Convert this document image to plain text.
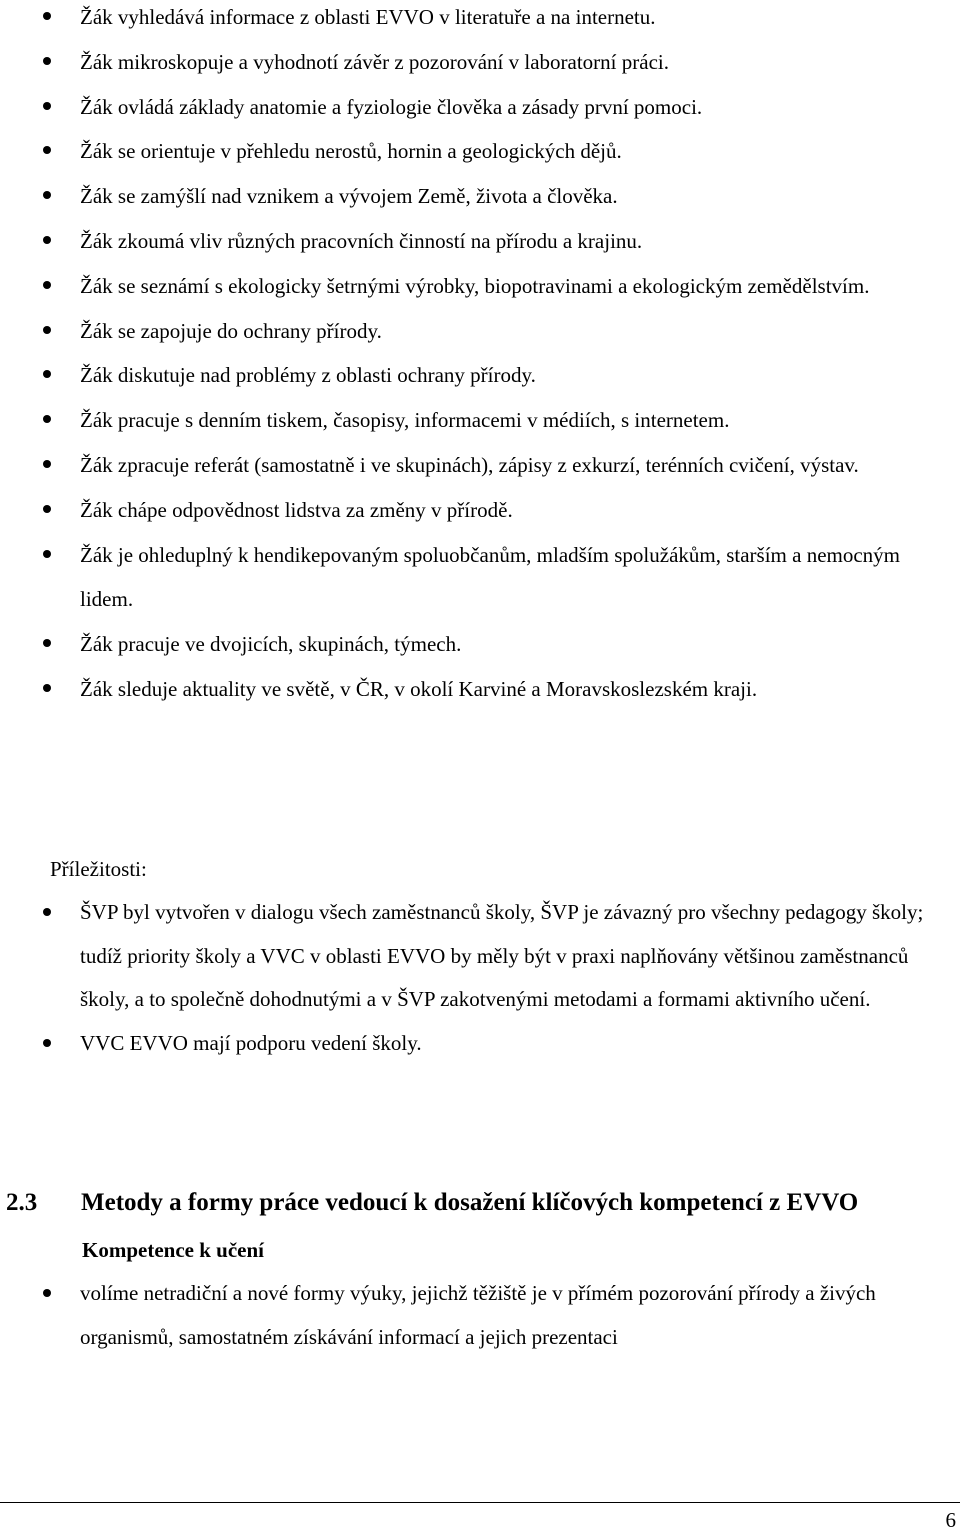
Žák vyhledává informace z oblasti EVVO v literatuře a na internetu.
Žák mikroskopuje a vyhodnotí závěr z pozorování v laboratorní práci.
Žák ovládá základy anatomie a fyziologie člověka a zásady první pomoci.
Žák se orientuje v přehledu nerostů, hornin a geologických dějů.
Žák se zamýšlí nad vznikem a vývojem Země, života a člověka.
Žák zkoumá vliv různých pracovních činností na přírodu a krajinu.
Žák se seznámí s ekologicky šetrnými výrobky, biopotravinami a ekologickým zemědělstvím.
Žák se zapojuje do ochrany přírody.
Žák diskutuje nad problémy z oblasti ochrany přírody.
Žák pracuje s denním tiskem, časopisy, informacemi v médiích, s internetem.
Žák zpracuje referát (samostatně i ve skupinách), zápisy z exkurzí, terénních cvičení, výstav.
Žák chápe odpovědnost lidstva za změny v přírodě.
Žák je ohleduplný k hendikepovaným spoluobčanům, mladším spolužákům, starším a nemocným lidem.
Žák pracuje ve dvojicích, skupinách, týmech.
Žák sleduje aktuality ve světě, v ČR, v okolí Karviné a Moravskoslezském kraji.
Příležitosti:
ŠVP byl vytvořen v dialogu všech zaměstnanců školy, ŠVP je závazný pro všechny pedagogy školy; tudíž priority školy a VVC v oblasti EVVO by měly být v praxi naplňovány většinou zaměstnanců školy, a to společně dohodnutými a v ŠVP zakotvenými metodami a formami aktivního učení.
VVC EVVO mají podporu vedení školy.
2.3 Metody a formy práce vedoucí k dosažení klíčových kompetencí z EVVO
Kompetence k učení
volíme netradiční a nové formy výuky, jejichž těžiště je v přímém pozorování přírody a živých organismů, samostatném získávání informací a jejich prezentaci
6
